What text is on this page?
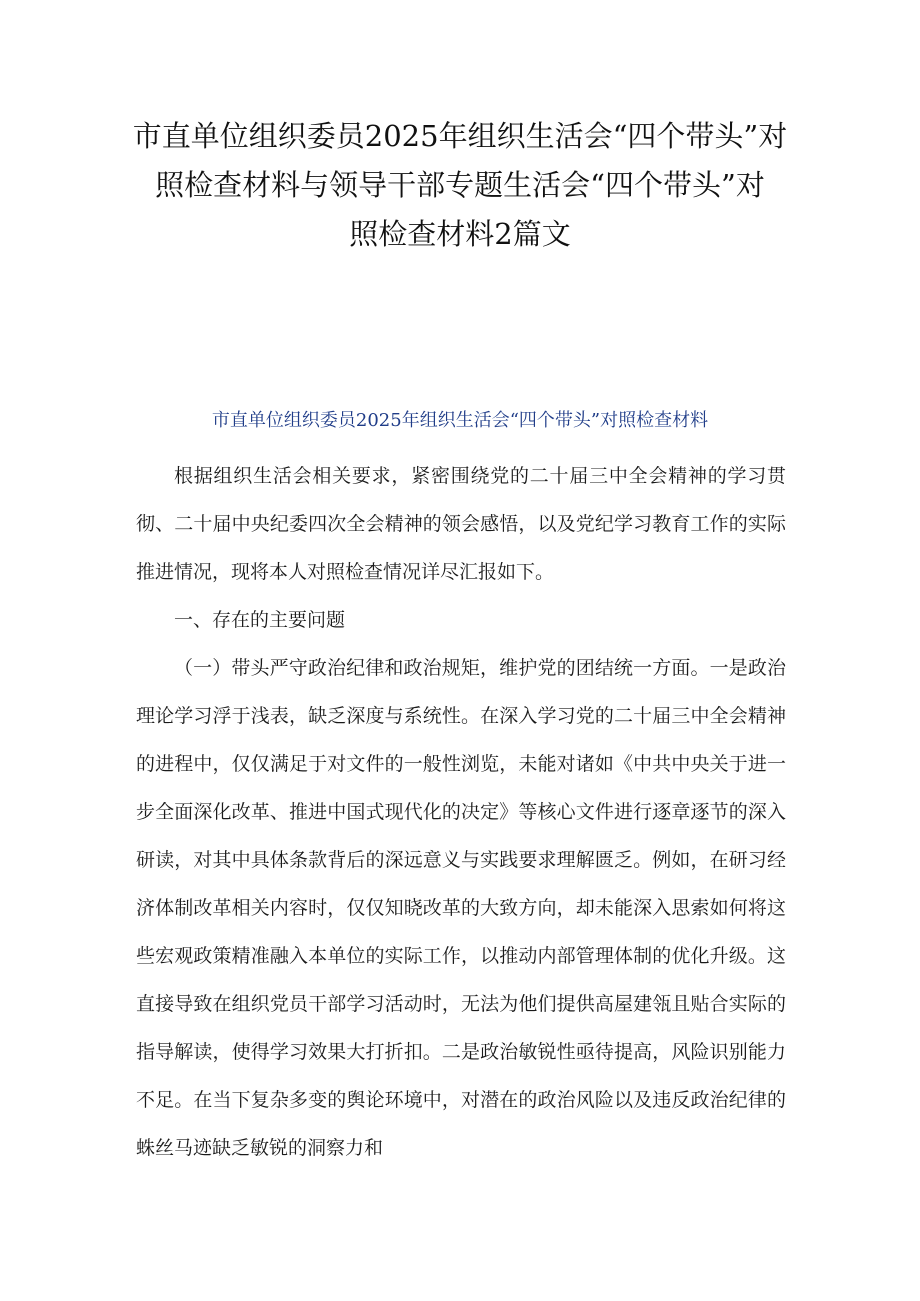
市直单位组织委员2025年组织生活会“四个带头”对
照检查材料与领导干部专题生活会“四个带头”对
照检查材料2篇文
市直单位组织委员2025年组织生活会“四个带头”对照检查材料

根据组织生活会相关要求，紧密围绕党的二十届三中全会精神的学习贯彻、二十届中央纪委四次全会精神的领会感悟，以及党纪学习教育工作的实际推进情况，现将本人对照检查情况详尽汇报如下。

一、存在的主要问题

（一）带头严守政治纪律和政治规矩，维护党的团结统一方面。一是政治理论学习浮于浅表，缺乏深度与系统性。在深入学习党的二十届三中全会精神的进程中，仅仅满足于对文件的一般性浏览，未能对诸如《中共中央关于进一步全面深化改革、推进中国式现代化的决定》等核心文件进行逐章逐节的深入研读，对其中具体条款背后的深远意义与实践要求理解匮乏。例如，在研习经济体制改革相关内容时，仅仅知晓改革的大致方向，却未能深入思索如何将这些宏观政策精准融入本单位的实际工作，以推动内部管理体制的优化升级。这直接导致在组织党员干部学习活动时，无法为他们提供高屋建瓴且贴合实际的指导解读，使得学习效果大打折扣。二是政治敏锐性亟待提高，风险识别能力不足。在当下复杂多变的舆论环境中，对潜在的政治风险以及违反政治纪律的蛛丝马迹缺乏敏锐的洞察力和
